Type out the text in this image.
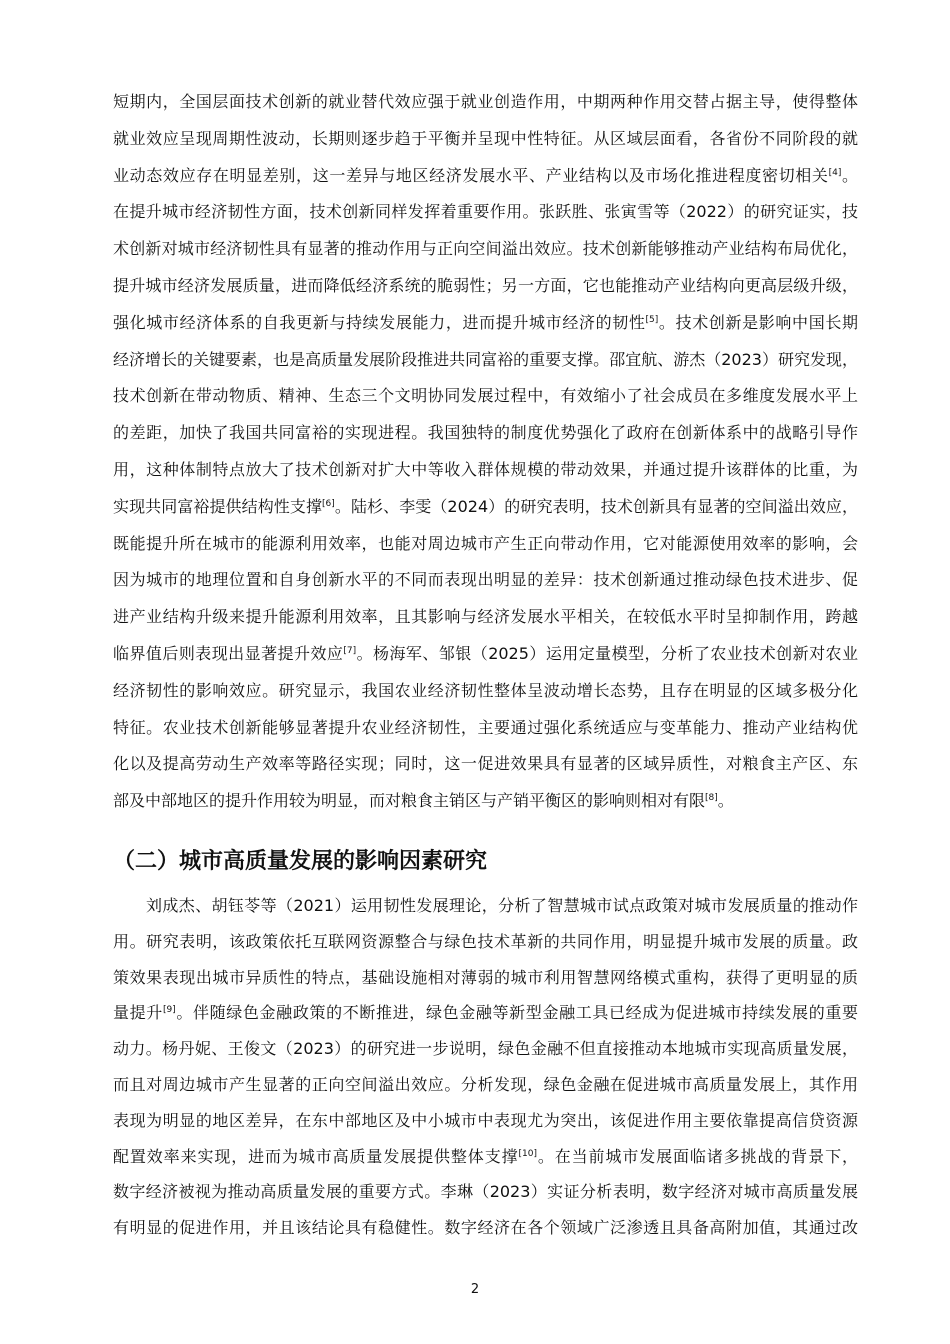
短期内，全国层面技术创新的就业替代效应强于就业创造作用，中期两种作用交替占据主导，使得整体
就业效应呈现周期性波动，长期则逐步趋于平衡并呈现中性特征。从区域层面看，各省份不同阶段的就
业动态效应存在明显差别，这一差异与地区经济发展水平、产业结构以及市场化推进程度密切相关[4]。
在提升城市经济韧性方面，技术创新同样发挥着重要作用。张跃胜、张寅雪等（2022）的研究证实，技
术创新对城市经济韧性具有显著的推动作用与正向空间溢出效应。技术创新能够推动产业结构布局优化，
提升城市经济发展质量，进而降低经济系统的脆弱性；另一方面，它也能推动产业结构向更高层级升级，
强化城市经济体系的自我更新与持续发展能力，进而提升城市经济的韧性[5]。技术创新是影响中国长期
经济增长的关键要素，也是高质量发展阶段推进共同富裕的重要支撑。邵宜航、游杰（2023）研究发现，
技术创新在带动物质、精神、生态三个文明协同发展过程中，有效缩小了社会成员在多维度发展水平上
的差距，加快了我国共同富裕的实现进程。我国独特的制度优势强化了政府在创新体系中的战略引导作
用，这种体制特点放大了技术创新对扩大中等收入群体规模的带动效果，并通过提升该群体的比重，为
实现共同富裕提供结构性支撑[6]。陆杉、李雯（2024）的研究表明，技术创新具有显著的空间溢出效应，
既能提升所在城市的能源利用效率，也能对周边城市产生正向带动作用，它对能源使用效率的影响，会
因为城市的地理位置和自身创新水平的不同而表现出明显的差异：技术创新通过推动绿色技术进步、促
进产业结构升级来提升能源利用效率，且其影响与经济发展水平相关，在较低水平时呈抑制作用，跨越
临界值后则表现出显著提升效应[7]。杨海军、邹银（2025）运用定量模型，分析了农业技术创新对农业
经济韧性的影响效应。研究显示，我国农业经济韧性整体呈波动增长态势，且存在明显的区域多极分化
特征。农业技术创新能够显著提升农业经济韧性，主要通过强化系统适应与变革能力、推动产业结构优
化以及提高劳动生产效率等路径实现；同时，这一促进效果具有显著的区域异质性，对粮食主产区、东
部及中部地区的提升作用较为明显，而对粮食主销区与产销平衡区的影响则相对有限[8]。
（二）城市高质量发展的影响因素研究
刘成杰、胡钰苓等（2021）运用韧性发展理论，分析了智慧城市试点政策对城市发展质量的推动作
用。研究表明，该政策依托互联网资源整合与绿色技术革新的共同作用，明显提升城市发展的质量。政
策效果表现出城市异质性的特点，基础设施相对薄弱的城市利用智慧网络模式重构，获得了更明显的质
量提升[9]。伴随绿色金融政策的不断推进，绿色金融等新型金融工具已经成为促进城市持续发展的重要
动力。杨丹妮、王俊文（2023）的研究进一步说明，绿色金融不但直接推动本地城市实现高质量发展，
而且对周边城市产生显著的正向空间溢出效应。分析发现，绿色金融在促进城市高质量发展上，其作用
表现为明显的地区差异，在东中部地区及中小城市中表现尤为突出，该促进作用主要依靠提高信贷资源
配置效率来实现，进而为城市高质量发展提供整体支撑[10]。在当前城市发展面临诸多挑战的背景下，
数字经济被视为推动高质量发展的重要方式。李琳（2023）实证分析表明，数字经济对城市高质量发展
有明显的促进作用，并且该结论具有稳健性。数字经济在各个领域广泛渗透且具备高附加值，其通过改
2
